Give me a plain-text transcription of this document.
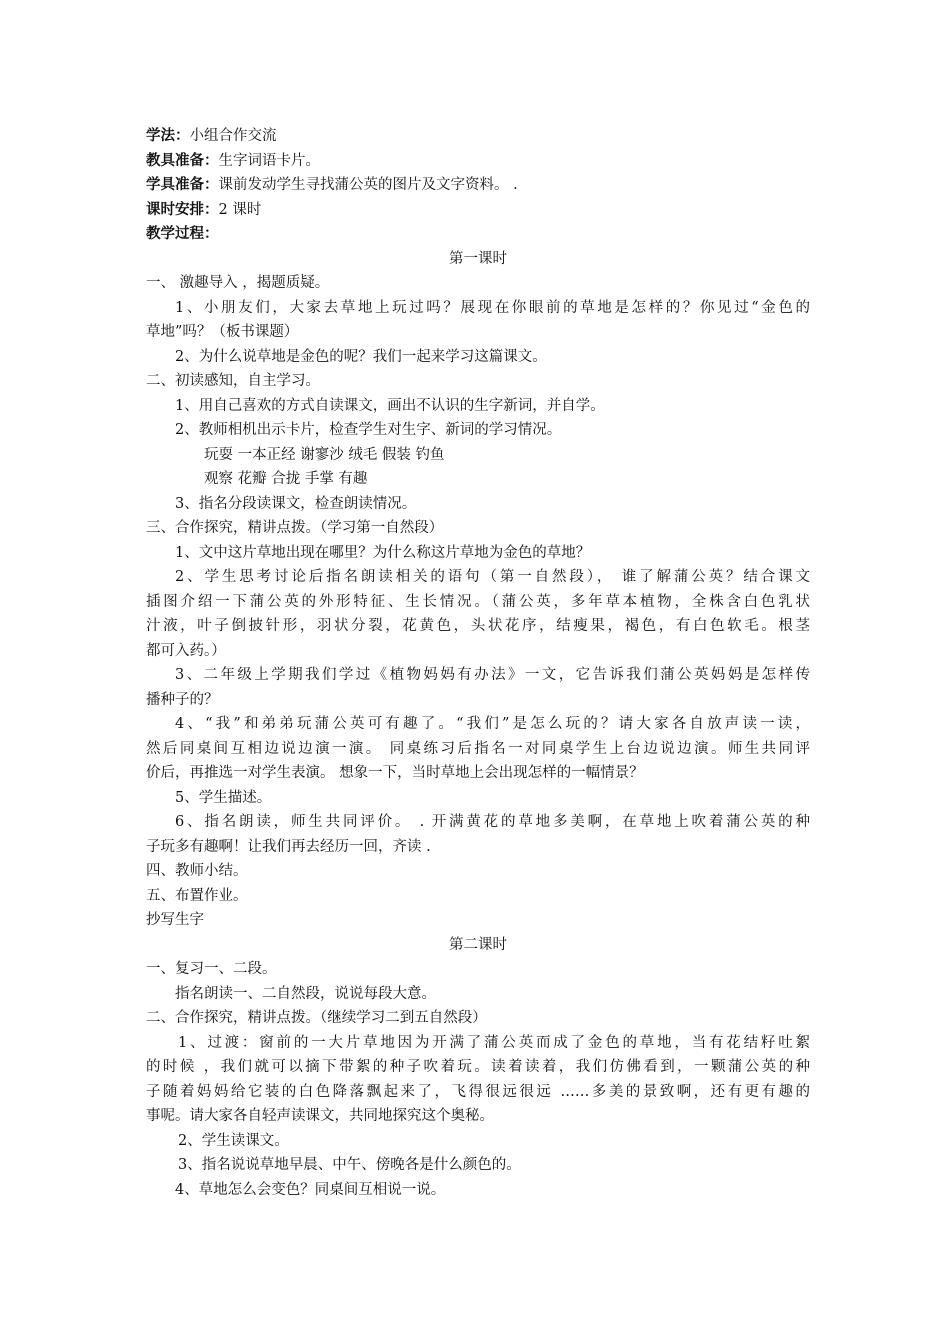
学法：小组合作交流
教具准备：生字词语卡片。
学具准备：课前发动学生寻找蒲公英的图片及文字资料。 .
课时安排：2 课时
教学过程：
第一课时
一、 激趣导入 ，揭题质疑。
1、小朋友们，大家去草地上玩过吗？展现在你眼前的草地是怎样的？你见过“金色的
草地”吗？（板书课题）
2、为什么说草地是金色的呢？我们一起来学习这篇课文。
二、初读感知，自主学习。
1、用自己喜欢的方式自读课文，画出不认识的生字新词，并自学。
2、教师相机出示卡片，检查学生对生字、新词的学习情况。
玩耍 一本正经 谢寥沙 绒毛 假装 钓鱼
观察 花瓣 合拢 手掌 有趣
3、指名分段读课文，检查朗读情况。
三、合作探究，精讲点拨。（学习第一自然段）
1、文中这片草地出现在哪里？为什么称这片草地为金色的草地？
2、学生思考讨论后指名朗读相关的语句（第一自然段）， 谁了解蒲公英？结合课文
插图介绍一下蒲公英的外形特征、生长情况。（蒲公英，多年草本植物，全株含白色乳状
汁液，叶子倒披针形，羽状分裂，花黄色，头状花序，结瘦果，褐色，有白色软毛。根茎
都可入药。）
3、二年级上学期我们学过《植物妈妈有办法》一文，它告诉我们蒲公英妈妈是怎样传
播种子的？
4、“我”和弟弟玩蒲公英可有趣了。“我们”是怎么玩的？请大家各自放声读一读，
然后同桌间互相边说边演一演。 同桌练习后指名一对同桌学生上台边说边演。师生共同评
价后，再推选一对学生表演。 想象一下，当时草地上会出现怎样的一幅情景？
5、学生描述。
6、指名朗读，师生共同评价。 . 开满黄花的草地多美啊，在草地上吹着蒲公英的种
子玩多有趣啊！让我们再去经历一回，齐读 .
四、教师小结。
五、布置作业。
抄写生字
第二课时
一、复习一、二段。
指名朗读一、二自然段，说说每段大意。
二、合作探究，精讲点拨。（继续学习二到五自然段）
1、过渡：窗前的一大片草地因为开满了蒲公英而成了金色的草地，当有花结籽吐絮
的时候 ，我们就可以摘下带絮的种子吹着玩。读着读着，我们仿佛看到，一颗蒲公英的种
子随着妈妈给它装的白色降落飘起来了，飞得很远很远 ……多美的景致啊，还有更有趣的
事呢。请大家各自轻声读课文，共同地探究这个奥秘。
2、学生读课文。
3、指名说说草地早晨、中午、傍晚各是什么颜色的。
4、草地怎么会变色？同桌间互相说一说。
